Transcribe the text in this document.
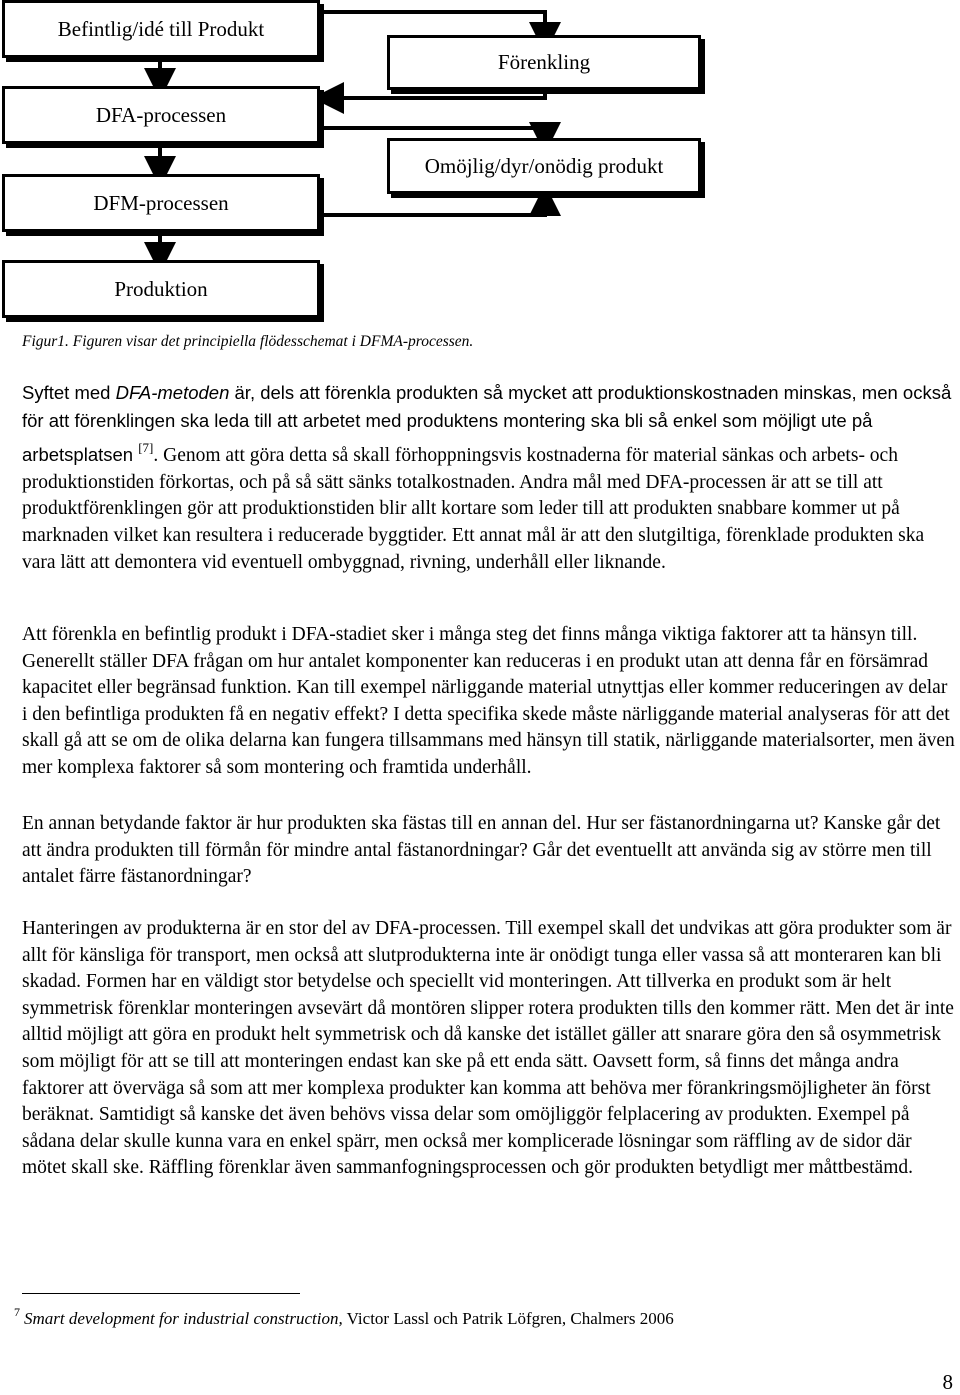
Befintlig/idé till Produkt
Förenkling
DFA-processen
Omöjlig/dyr/onödig produkt
DFM-processen
Produktion
Figur1. Figuren visar det principiella flödesschemat i DFMA-processen.

Syftet med DFA-metoden är, dels att förenkla produkten så mycket att produktionskostnaden minskas, men också för att förenklingen ska leda till att arbetet med produktens montering ska bli så enkel som möjligt ute på arbetsplatsen [7]. Genom att göra detta så skall förhoppningsvis kostnaderna för material sänkas och arbets- och produktionstiden förkortas, och på så sätt sänks totalkostnaden. Andra mål med DFA-processen är att se till att produktförenklingen gör att produktionstiden blir allt kortare som leder till att produkten snabbare kommer ut på marknaden vilket kan resultera i reducerade byggtider. Ett annat mål är att den slutgiltiga, förenklade produkten ska vara lätt att demontera vid eventuell ombyggnad, rivning, underhåll eller liknande.

Att förenkla en befintlig produkt i DFA-stadiet sker i många steg det finns många viktiga faktorer att ta hänsyn till. Generellt ställer DFA frågan om hur antalet komponenter kan reduceras i en produkt utan att denna får en försämrad kapacitet eller begränsad funktion. Kan till exempel närliggande material utnyttjas eller kommer reduceringen av delar i den befintliga produkten få en negativ effekt? I detta specifika skede måste närliggande material analyseras för att det skall gå att se om de olika delarna kan fungera tillsammans med hänsyn till statik, närliggande materialsorter, men även mer komplexa faktorer så som montering och framtida underhåll.

En annan betydande faktor är hur produkten ska fästas till en annan del. Hur ser fästanordningarna ut? Kanske går det att ändra produkten till förmån för mindre antal fästanordningar? Går det eventuellt att använda sig av större men till antalet färre fästanordningar?

Hanteringen av produkterna är en stor del av DFA-processen. Till exempel skall det undvikas att göra produkter som är allt för känsliga för transport, men också att slutprodukterna inte är onödigt tunga eller vassa så att monteraren kan bli skadad. Formen har en väldigt stor betydelse och speciellt vid monteringen. Att tillverka en produkt som är helt symmetrisk förenklar monteringen avsevärt då montören slipper rotera produkten tills den kommer rätt. Men det är inte alltid möjligt att göra en produkt helt symmetrisk och då kanske det istället gäller att snarare göra den så osymmetrisk som möjligt för att se till att monteringen endast kan ske på ett enda sätt. Oavsett form, så finns det många andra faktorer att överväga så som att mer komplexa produkter kan komma att behöva mer förankringsmöjligheter än först beräknat. Samtidigt så kanske det även behövs vissa delar som omöjliggör felplacering av produkten. Exempel på sådana delar skulle kunna vara en enkel spärr, men också mer komplicerade lösningar som räffling av de sidor där mötet skall ske. Räffling förenklar även sammanfogningsprocessen och gör produkten betydligt mer måttbestämd.

$^7$ Smart development for industrial construction, Victor Lassl och Patrik Löfgren, Chalmers 2006
8
